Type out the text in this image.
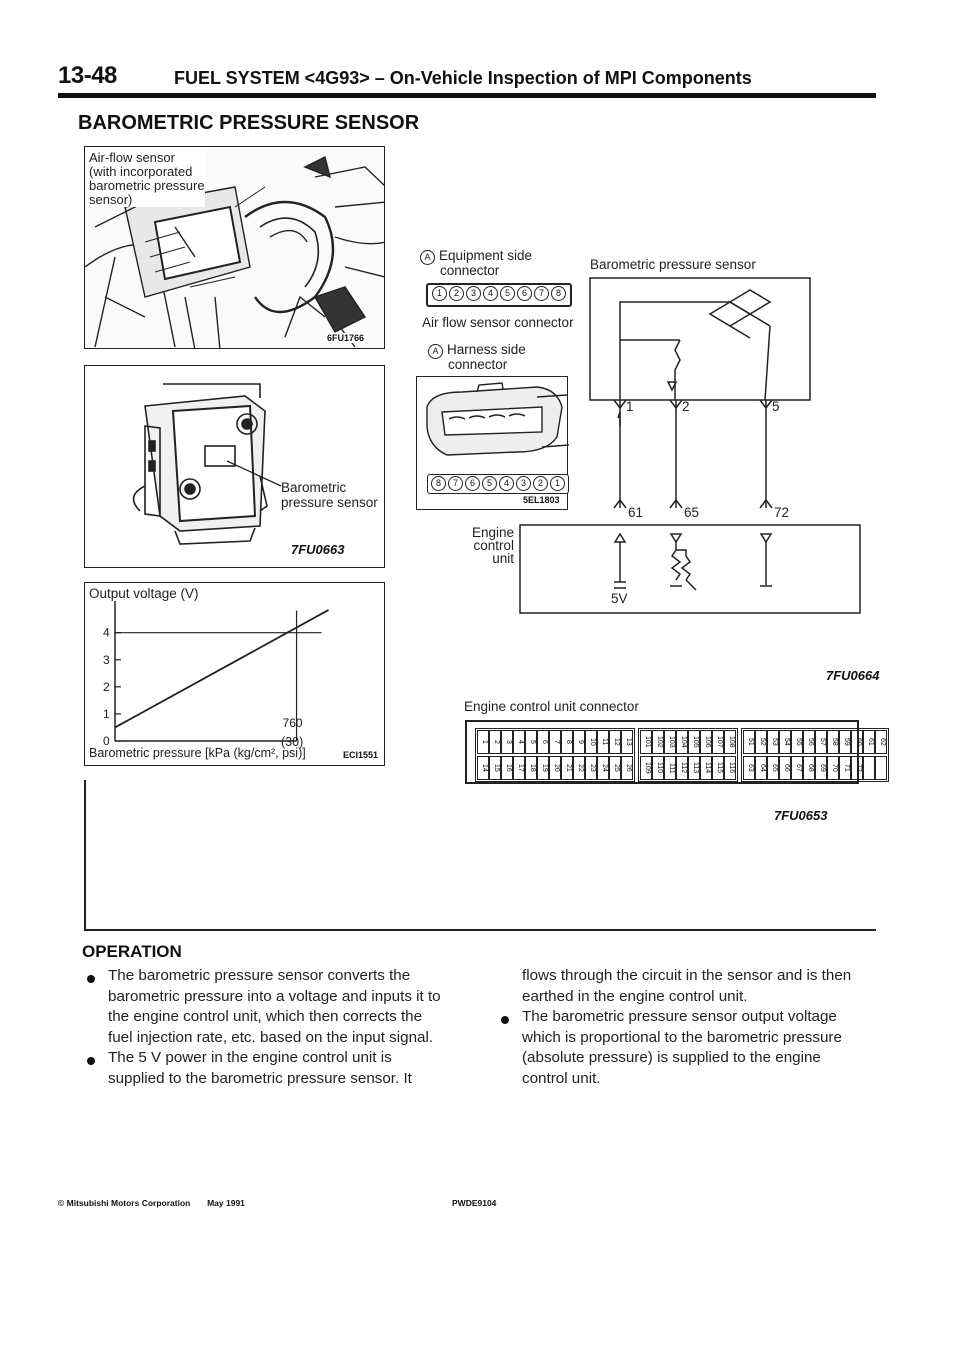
13-48	FUEL SYSTEM <4G93> – On-Vehicle Inspection of MPI Components
BAROMETRIC PRESSURE SENSOR
Air-flow sensor
(with incorporated
barometric pressure
sensor)
6FU1766
Barometric
pressure sensor
7FU0663
Output voltage (V)
0
1
2
3
4
760
Barometric pressure [kPa (kg/cm², psi)]	ECI1551
(30)
A Equipment side
connector
1	2	3	4	5	6	7	8
Air flow sensor connector
A Harness side
connector
8	7	6	5	4	3	2	1
5EL1803
Barometric pressure sensor
1	2	5
61	65	72
Engine
control
unit
5V
7FU0664
Engine control unit connector
1 2 3 4 5 6 7 8 9 10 11 12 13
14 15 16 17 18 19 20 21 22 23 24 25 26
101 102 103 104 105 106 107 108
109 110 111 112 113 114 115 116
51 52 53 54 55 56 57 58 59 60 61 62
63 64 65 66 67 68 69 70 71 72
7FU0653
OPERATION
The barometric pressure sensor converts the
barometric pressure into a voltage and inputs it to
the engine control unit, which then corrects the
fuel injection rate, etc. based on the input signal.
The 5 V power in the engine control unit is
supplied to the barometric pressure sensor. It
flows through the circuit in the sensor and is then
earthed in the engine control unit.
The barometric pressure sensor output voltage
which is proportional to the barometric pressure
(absolute pressure) is supplied to the engine
control unit.
© Mitsubishi Motors Corporation May 1991	PWDE9104
